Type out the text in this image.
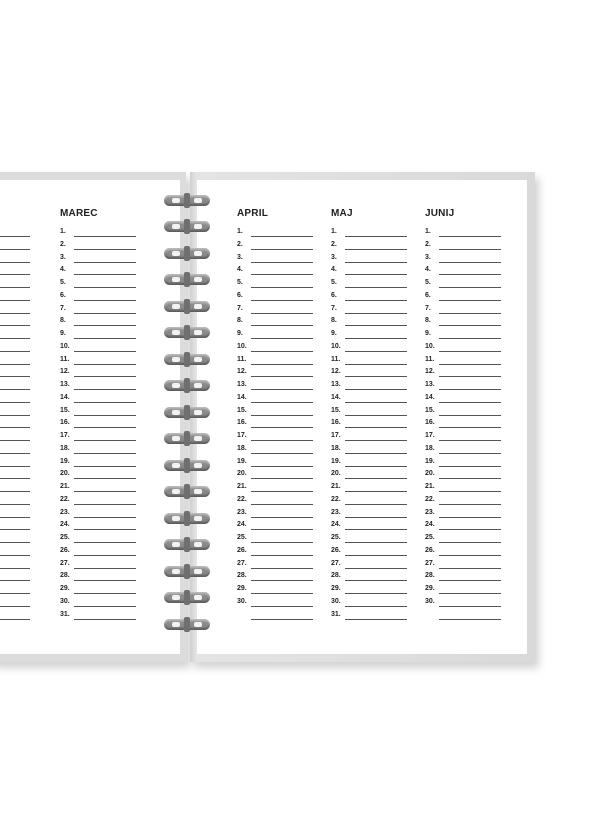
MAREC
1.
2.
3.
4.
5.
6.
7.
8.
9.
10.
11.
12.
13.
14.
15.
16.
17.
18.
19.
20.
21.
22.
23.
24.
25.
26.
27.
28.
29.
30.
31.
APRIL
1.
2.
3.
4.
5.
6.
7.
8.
9.
10.
11.
12.
13.
14.
15.
16.
17.
18.
19.
20.
21.
22.
23.
24.
25.
26.
27.
28.
29.
30.
MAJ
1.
2.
3.
4.
5.
6.
7.
8.
9.
10.
11.
12.
13.
14.
15.
16.
17.
18.
19.
20.
21.
22.
23.
24.
25.
26.
27.
28.
29.
30.
31.
JUNIJ
1.
2.
3.
4.
5.
6.
7.
8.
9.
10.
11.
12.
13.
14.
15.
16.
17.
18.
19.
20.
21.
22.
23.
24.
25.
26.
27.
28.
29.
30.
